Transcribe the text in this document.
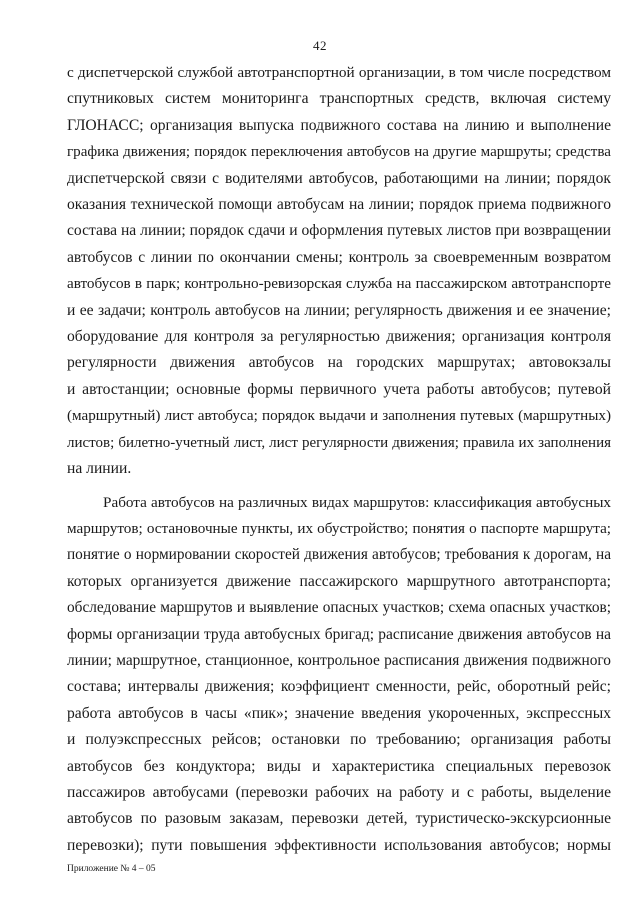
42
с диспетчерской службой автотранспортной организации, в том числе посредством
спутниковых систем мониторинга транспортных средств, включая систему
ГЛОНАСС; организация выпуска подвижного состава на линию и выполнение
графика движения; порядок переключения автобусов на другие маршруты; средства
диспетчерской связи с водителями автобусов, работающими на линии; порядок
оказания технической помощи автобусам на линии; порядок приема подвижного
состава на линии; порядок сдачи и оформления путевых листов при возвращении
автобусов с линии по окончании смены; контроль за своевременным возвратом
автобусов в парк; контрольно-ревизорская служба на пассажирском автотранспорте
и ее задачи; контроль автобусов на линии; регулярность движения и ее значение;
оборудование для контроля за регулярностью движения; организация контроля
регулярности движения автобусов на городских маршрутах; автовокзалы
и автостанции; основные формы первичного учета работы автобусов; путевой
(маршрутный) лист автобуса; порядок выдачи и заполнения путевых (маршрутных)
листов; билетно-учетный лист, лист регулярности движения; правила их заполнения
на линии.
Работа автобусов на различных видах маршрутов: классификация автобусных
маршрутов; остановочные пункты, их обустройство; понятия о паспорте маршрута;
понятие о нормировании скоростей движения автобусов; требования к дорогам, на
которых организуется движение пассажирского маршрутного автотранспорта;
обследование маршрутов и выявление опасных участков; схема опасных участков;
формы организации труда автобусных бригад; расписание движения автобусов на
линии; маршрутное, станционное, контрольное расписания движения подвижного
состава; интервалы движения; коэффициент сменности, рейс, оборотный рейс;
работа автобусов в часы «пик»; значение введения укороченных, экспрессных
и полуэкспрессных рейсов; остановки по требованию; организация работы
автобусов без кондуктора; виды и характеристика специальных перевозок
пассажиров автобусами (перевозки рабочих на работу и с работы, выделение
автобусов по разовым заказам, перевозки детей, туристическо-экскурсионные
перевозки); пути повышения эффективности использования автобусов; нормы
Приложение № 4 – 05
